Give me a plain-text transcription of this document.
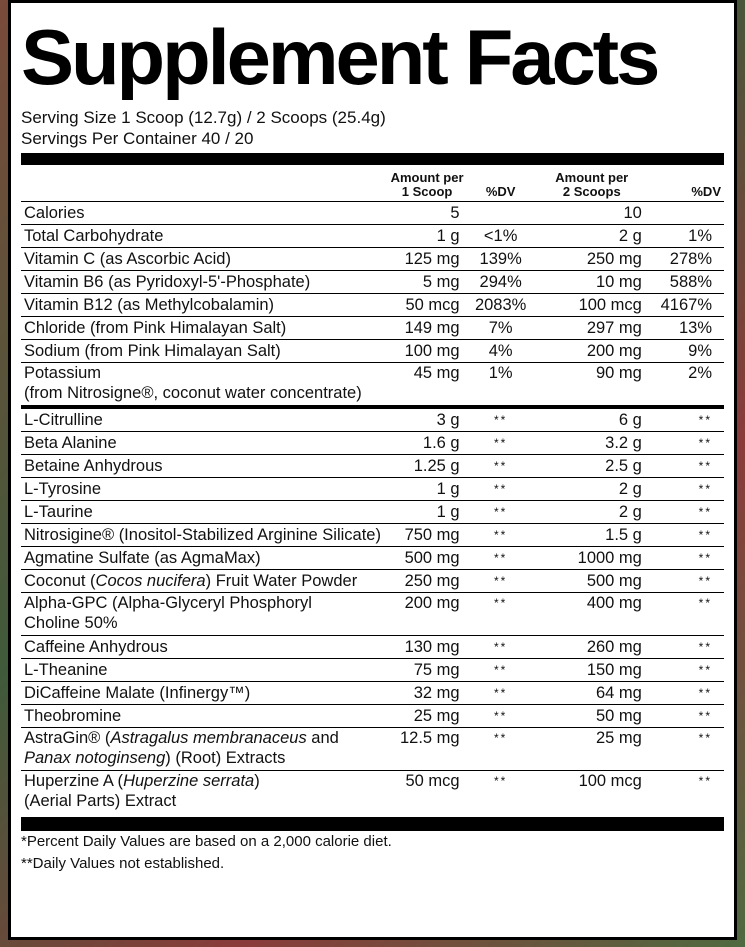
Supplement Facts
Serving Size 1 Scoop (12.7g) / 2 Scoops (25.4g)
Servings Per Container 40 / 20
	Amount per
1 Scoop	%DV	Amount per
2 Scoops	%DV
Calories	5		10	
Total Carbohydrate	1 g	<1%	2 g	1%
Vitamin C (as Ascorbic Acid)	125 mg	139%	250 mg	278%
Vitamin B6 (as Pyridoxyl-5'-Phosphate)	5 mg	294%	10 mg	588%
Vitamin B12 (as Methylcobalamin)	50 mcg	2083%	100 mcg	4167%
Chloride (from Pink Himalayan Salt)	149 mg	7%	297 mg	13%
Sodium (from Pink Himalayan Salt)	100 mg	4%	200 mg	9%
Potassium
(from Nitrosigne®, coconut water concentrate)	45 mg	1%	90 mg	2%
L-Citrulline	3 g	**	6 g	**
Beta Alanine	1.6 g	**	3.2 g	**
Betaine Anhydrous	1.25 g	**	2.5 g	**
L-Tyrosine	1 g	**	2 g	**
L-Taurine	1 g	**	2 g	**
Nitrosigine® (Inositol-Stabilized Arginine Silicate)	750 mg	**	1.5 g	**
Agmatine Sulfate (as AgmaMax)	500 mg	**	1000 mg	**
Coconut (Cocos nucifera) Fruit Water Powder	250 mg	**	500 mg	**
Alpha-GPC (Alpha-Glyceryl Phosphoryl
Choline 50%	200 mg	**	400 mg	**
Caffeine Anhydrous	130 mg	**	260 mg	**
L-Theanine	75 mg	**	150 mg	**
DiCaffeine Malate (Infinergy™)	32 mg	**	64 mg	**
Theobromine	25 mg	**	50 mg	**
AstraGin® (Astragalus membranaceus and
Panax notoginseng) (Root) Extracts	12.5 mg	**	25 mg	**
Huperzine A (Huperzine serrata)
(Aerial Parts) Extract	50 mcg	**	100 mcg	**
*Percent Daily Values are based on a 2,000 calorie diet.
**Daily Values not established.
